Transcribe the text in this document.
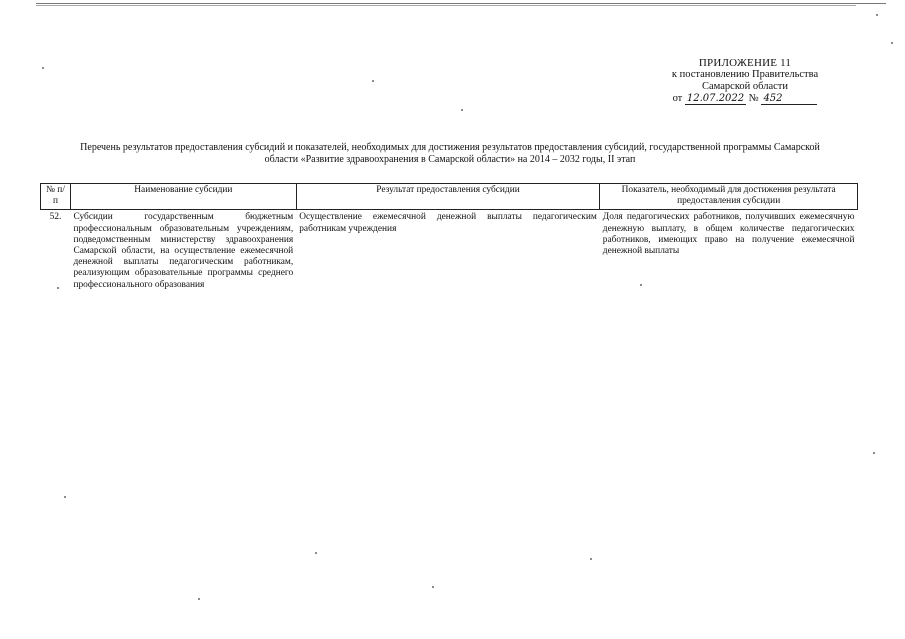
ПРИЛОЖЕНИЕ 11
к постановлению Правительства
Самарской области
от 12.07.2022 № 452
Перечень результатов предоставления субсидий и показателей, необходимых для достижения результатов предоставления субсидий, государственной программы Самарской
области «Развитие здравоохранения в Самарской области» на 2014 – 2032 годы, II этап
№ п/п	Наименование субсидии	Результат предоставления субсидии	Показатель, необходимый для достижения результата предоставления субсидии
52.	Субсидии государственным бюджетным профессиональным образовательным учреждениям, подведомственным министерству здравоохранения Самарской области, на осуществление ежемесячной денежной выплаты педагогическим работникам, реализующим образовательные программы среднего профессионального образования	Осуществление ежемесячной денежной выплаты педагогическим работникам учреждения	Доля педагогических работников, получивших ежемесячную денежную выплату, в общем количестве педагогических работников, имеющих право на получение ежемесячной денежной выплаты
